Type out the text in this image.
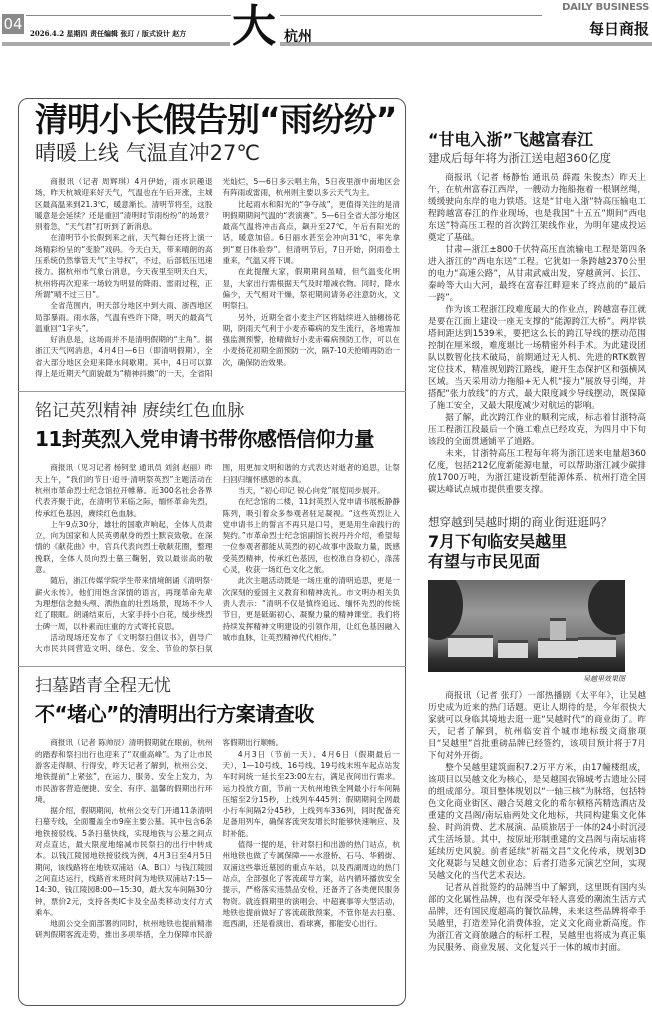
04
2026.4.2 星期四 责任编辑 张玎 / 版式设计 赵方 大 杭州
DAILY BUSINESS
每日商报
清明小长假告别“雨纷纷”
晴暖上线 气温直冲27℃

商报讯（记者 周辉琪）4月伊始，雨水识趣退场，昨天杭城迎来好天气，气温也在午后开涨，主城区最高温来到21.3℃，暖意渐长。清明节将至，这股暖意是会延续？还是重回“清明时节雨纷纷”的场景？别着急，“天气君”打听到了新消息。

在清明节小长假到来之前，天气舞台还将上演一场精彩纷呈的“变脸”戏码。今天白天，带来晴朗的高压系统仍然掌管天气“主导权”，不过，后部低压迅速接力。据杭州市气象台消息，今天夜里至明天白天，杭州将再次迎来一场较为明显的降雨、雷雨过程，正所谓“晴不过三日”。

全省范围内，明天部分地区中到大雨、浙西地区局部暴雨。雨水落，气温有些许下降，明天的最高气温重回“1字头”。

好消息是，这场雨并不是清明假期的“主角”。据浙江天气网消息，4月4日—6日（即清明假期），全省大部分地区会迎来降水间歇期。其中，4日可以算得上是近期天气面貌最为“精神抖擞”的一天，全省阳光灿烂，5—6日多云唱主角，5日夜里浙中南地区会有阵雨或雷雨，杭州则主要以多云天气为主。

比起雨水和阳光的“争夺战”，更值得关注的是清明假期期间气温的“表演赛”。5—6日全省大部分地区最高气温将冲击高点，飙升至27℃，午后有阳光的话，暖意加倍。6日丽水甚至会冲向31℃，率先拿到“夏日体验券”。但清明节后，7日开始，阴雨卷土重来，气温又将下调。

在此提醒大家，假期期间虽晴，但气温变化明显，大家出行需根据天气及时增减衣物。同时，降水偏少，天气相对干燥，祭祀期间请务必注意防火，文明祭扫。

另外，近期全省小麦主产区将陆续进入抽穗扬花期，阴雨天气利于小麦赤霉病的发生流行，各地需加强监测预警，抢晴做好小麦赤霉病预防工作，可以在小麦扬花初期全面预防一次，隔7-10天抢晴再防治一次，确保防治效果。

铭记英烈精神 赓续红色血脉
11封英烈入党申请书带你感悟信仰力量

商报讯（见习记者 杨钶堂 通讯员 刘剑 赵丽）昨天上午，“我们的节日·追寻·清明祭英烈”主题活动在杭州市革命烈士纪念馆拉开帷幕。近300名社会各界代表齐聚于此，在清明节来临之际，缅怀革命先烈，传承红色基因，赓续红色血脉。

上午9点30分，雄壮的国歌声响起，全体人员肃立，向为国家和人民英勇献身的烈士默哀致敬。在深情的《献花曲》中，官兵代表向烈士敬献花圈，整理挽联，全体人员向烈士墓三鞠躬，致以最崇高的敬意。

随后，浙江传媒学院学生带来情境朗诵《清明祭·薪火永传》。他们用饱含深情的语言，再现革命先辈为理想信念抛头颅、洒热血的壮烈场景，现场不少人红了眼眶。朗诵结束后，大家手持小白花，缓步绕烈士碑一周，以朴素而庄重的方式寄托哀思。

活动现场还发布了《文明祭扫倡议书》，倡导广大市民共同营造文明、绿色、安全、节俭的祭扫氛围，用更加文明和谐的方式表达对逝者的追思，让祭扫回归缅怀感恩的本真。

当天，“初心印记 锐心向党”展览同步展开。

在纪念馆的二楼，11封英烈入党申请书展板静静陈列，吸引着众多参观者驻足凝视。“这些英烈让入党申请书上的誓言不再只是口号，更是用生命践行的契约。”市革命烈士纪念馆副馆长祝丹丹介绍，希望每一位参观者都能从英烈的初心故事中汲取力量，既感受英烈精神，传承红色基因，也校准自身初心，涤荡心灵，收获一场红色文化之旅。

此次主题活动既是一场庄重的清明追思，更是一次深刻的爱国主义教育和精神洗礼。市文明办相关负责人表示：“清明不仅是慎终追远、缅怀先烈的传统节日，更是砥砺初心、凝聚力量的精神课堂。我们将持续发挥精神文明建设的引领作用，让红色基因融入城市血脉，让英烈精神代代相传。”

扫墓踏青全程无忧
不“堵心”的清明出行方案请查收

商报讯（记者 陈帅辰）清明假期就在眼前，杭州的踏春和祭扫出行也迎来了“双重高峰”。为了让市民游客走得顺、行得安，昨天记者了解到，杭州公交、地铁提前“上紧弦”，在运力、服务、安全上发力，为市民游客营造便捷、安全、有序、温馨的假期出行环境。

据介绍，假期期间，杭州公交专门开通11条清明扫墓专线，全面覆盖全市9座主要公墓。其中包含6条地铁接驳线、5条扫墓快线，实现地铁与公墓之间点对点直达，最大限度地缩减市民祭扫的出行中转成本。以钱江陵园地铁接驳线为例，4月3日至4月5日期间，该线路将在地铁双浦站（A、B口）与钱江陵园之间直达运行，线路首末班时间为地铁双浦站7:15—14:30、钱江陵园8:00—15:30，最大发车间隔30分钟，票价2元，支持各类IC卡及全品类移动支付方式乘车。

地面公交全面部署的同时，杭州地铁也提前精准研判假期客流走势，推出多项举措，全力保障市民游客假期出行顺畅。

4月3日（节前一天）、4月6日（假期最后一天），1—10号线、16号线、19号线末班车起点站发车时间统一延长至23:00左右，满足夜间出行需求。运力投放方面，节前一天杭州地铁全网最小行车间隔压缩至2分15秒，上线列车445列；假期期间全网最小行车间隔2分45秒，上线列车336列，同时配备充足备用列车，确保客流突发增长时能够快速响应、及时补能。

值得一提的是，针对祭扫和出游的热门站点，杭州地铁也做了专属保障——水澄桥、石马、华鹤街、双浦这些靠近墓园的重点车站，以及西湖周边的热门站点，全部强化了客流疏导方案，站内循环播放安全提示，严格落实违禁品安检，还备齐了各类便民服务物资。就连假期里的演唱会、中超赛事等大型活动，地铁也提前做好了客流疏散预案，不管你是去扫墓、逛西湖，还是看演出、看球赛，都能安心出行。

“甘电入浙”飞越富春江
建成后每年将为浙江送电超360亿度

商报讯（记者 杨静怡 通讯员 薛霞 朱俊杰）昨天上午，在杭州富春江西岸，一艘动力拖船拖着一根钢丝绳，缓缓驶向东岸的电力铁塔。这是“甘电入浙”特高压输电工程跨越富春江的作业现场，也是我国“十五五”期间“西电东送”特高压工程的首次跨江架线作业，为明年建成投运奠定了基础。

甘肃—浙江±800千伏特高压直流输电工程是第四条进入浙江的“西电东送”工程。它犹如一条跨越2370公里的电力“高速公路”，从甘肃武威出发，穿越黄河、长江、秦岭等大山大河，最终在富春江畔迎来了终点前的“最后一跨”。

作为该工程浙江段难度最大的作业点，跨越富春江就是要在江面上建设一座无支撑的“能源跨江大桥”。两岸铁塔间距达到1539米，要把这么长的跨江导线的摆动范围控制在厘米级，难度堪比一场精密外科手术。为此建设团队以数智化技术破局，前期通过无人机、先进的RTK数智定位技术，精准规划跨江路线，避开生态保护区和强横风区域。当天采用动力拖船+无人机“接力”展放导引绳，并搭配“张力放线”的方式，最大限度减少导线摆动，既保障了施工安全，又最大限度减少对航运的影响。

据了解，此次跨江作业的顺利完成，标志着甘浙特高压工程浙江段最后一个施工难点已经攻克，为四月中下旬该段的全面贯通铺平了道路。

未来，甘浙特高压工程每年将为浙江送来电量超360亿度，包括212亿度新能源电量，可以帮助浙江减少碳排放1700万吨，为浙江建设新型能源体系、杭州打造全国碳达峰试点城市提供重要支撑。

想穿越到吴越时期的商业街逛逛吗？
7月下旬临安吴越里
有望与市民见面
吴越里效果图

商报讯（记者 张玎）一部热播剧《太平年》，让吴越历史成为近来的热门话题。更让人期待的是，今年很快大家就可以身临其境地去逛一逛“吴越时代”的商业街了。昨天，记者了解到，杭州临安首个城市地标级文商旅项目“吴越里”首批重磅品牌已经签约，该项目预计将于7月下旬对外开街。

整个吴越里建筑面积7.2万平方米，由17幢楼组成，该项目以吴越文化为核心，是吴越国衣锦城考古遗址公园的组成部分。项目整体规划以“一轴三核”为脉络，包括特色文化商业街区、融合吴越文化的希尔顿格芮精选酒店及重建的文昌阁/南坛庙两处文化地标，共同构建集文化体验、时尚消费、艺术展演、品质旅居于一体的24小时沉浸式生活场景。其中，按原址形制重建的文昌阁与南坛庙将延续历史风貌。前者延续“祈福文昌”文化传承，规划3D文化观影与吴越文创业态；后者打造多元演艺空间，实现吴越文化的当代艺术表达。

记者从首批签约的品牌当中了解到，这里既有国内头部的文化属性品牌，也有深受年轻人喜爱的潮流生活方式品牌，还有国民度超高的餐饮品牌，未来这些品牌将牵手吴越里，打造差异化消费体验，定义文化商业新高度。作为浙江省文商旅融合的标杆工程，吴越里也将成为真正集为民服务、商业发展、文化复兴于一体的城市封面。
